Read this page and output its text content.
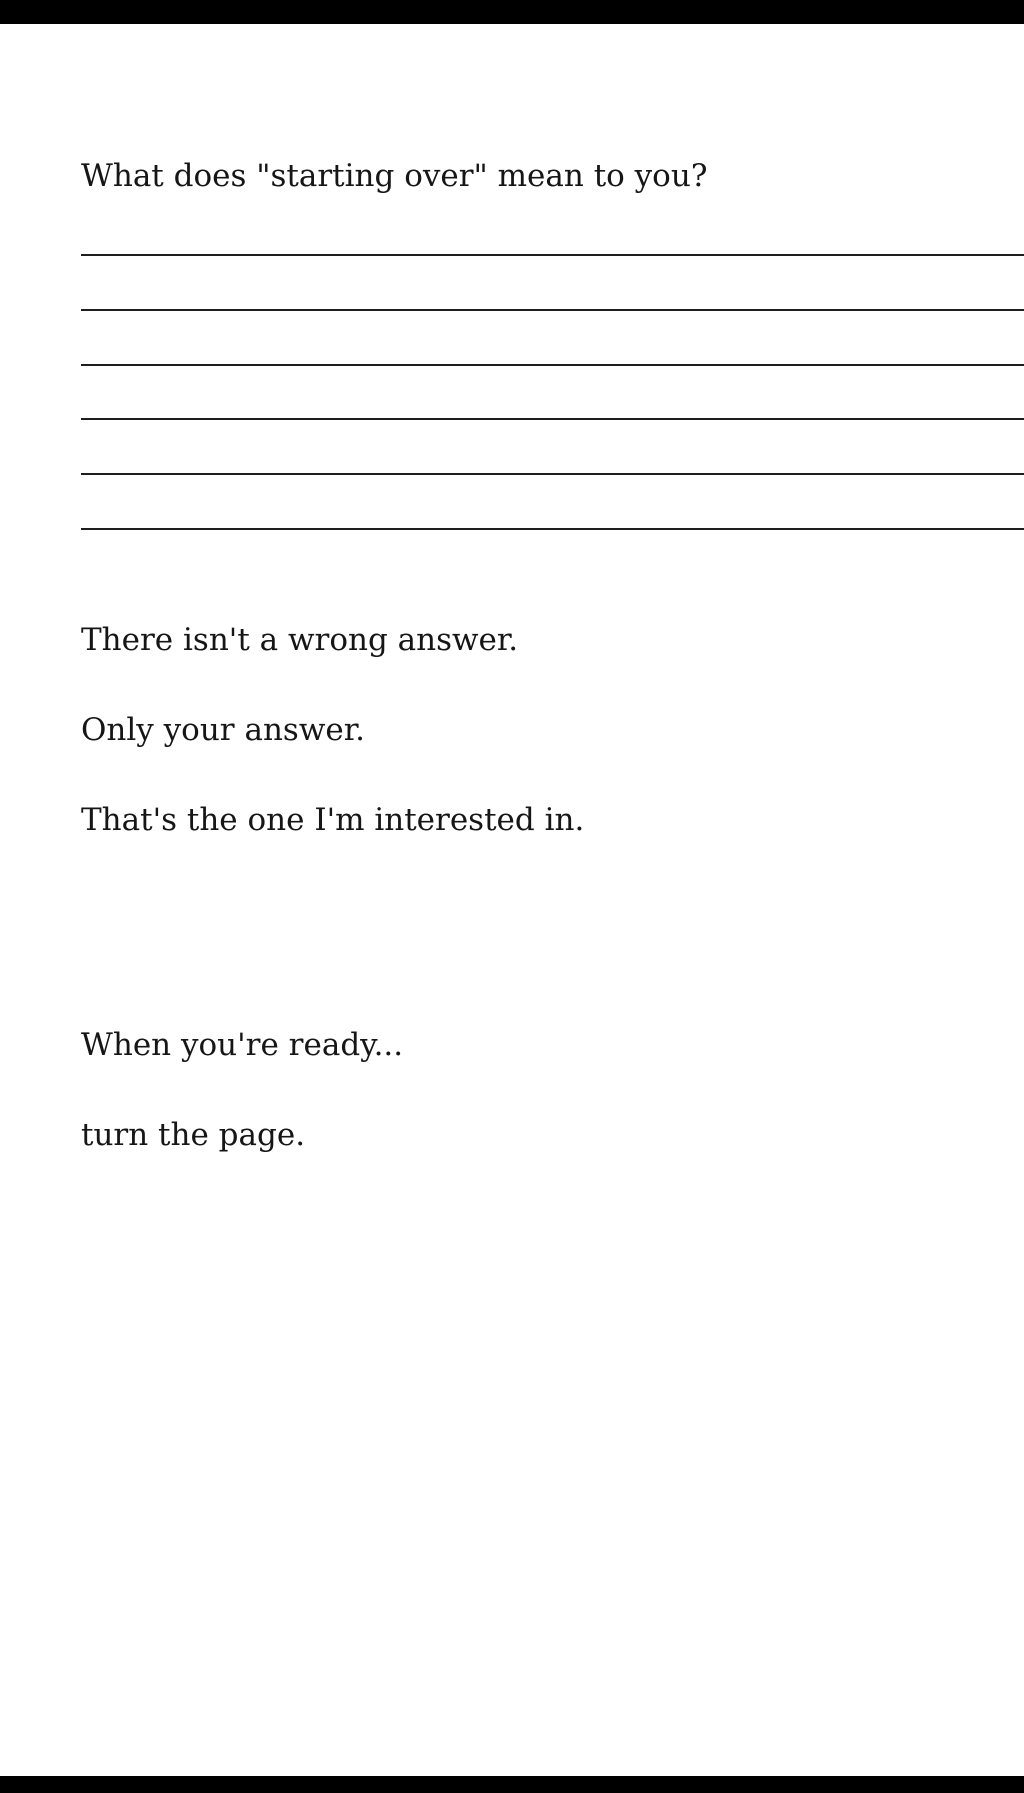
What does "starting over" mean to you?

There isn't a wrong answer.

Only your answer.

That's the one I'm interested in.

When you're ready...

turn the page.
